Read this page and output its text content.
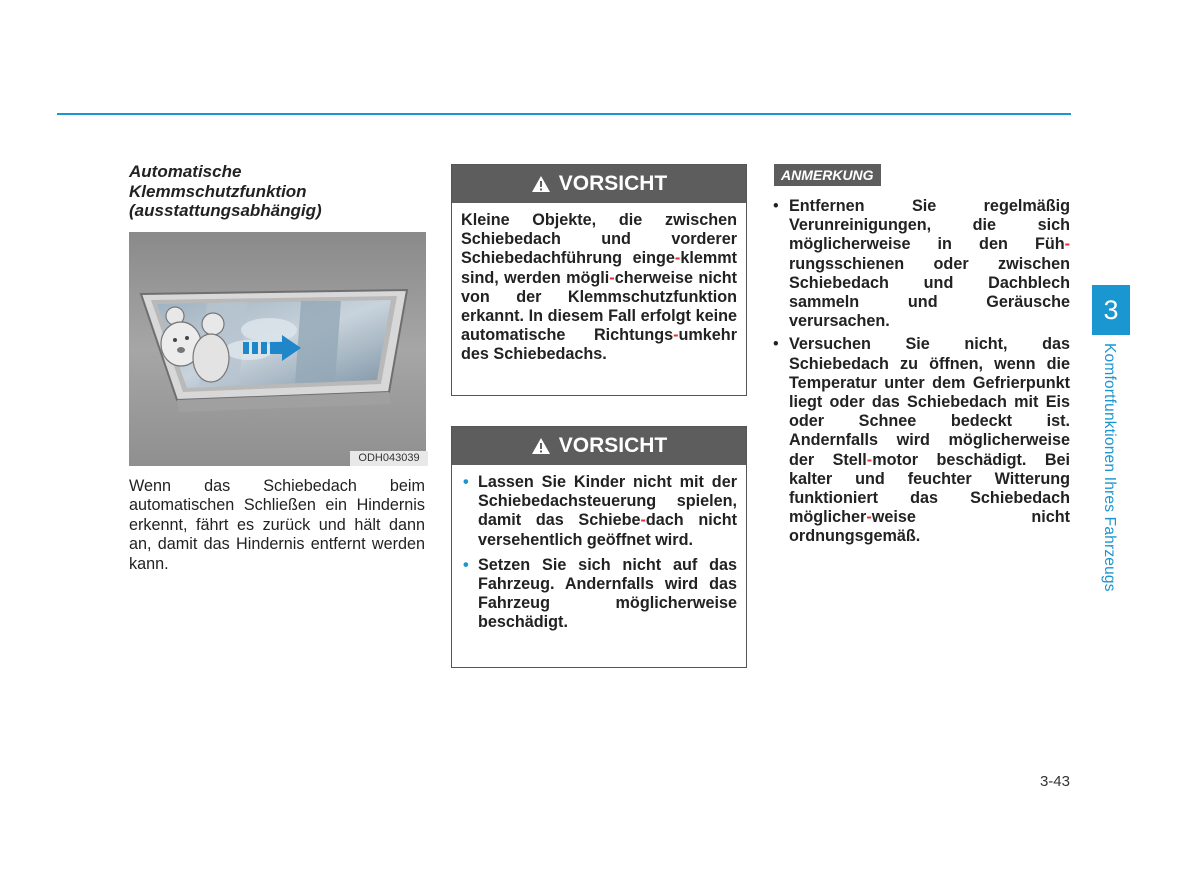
Automatische
Klemmschutzfunktion
(ausstattungsabhängig)
ODH043039
Wenn das Schiebedach beim automatischen Schließen ein Hindernis erkennt, fährt es zurück und hält dann an, damit das Hindernis entfernt werden kann.
VORSICHT
Kleine Objekte, die zwischen Schiebedach und vorderer Schiebedachführung einge-klemmt sind, werden mögli-cherweise nicht von der Klemmschutzfunktion erkannt. In diesem Fall erfolgt keine automatische Richtungs-umkehr des Schiebedachs.
VORSICHT
• Lassen Sie Kinder nicht mit der Schiebedachsteuerung spielen, damit das Schiebe-dach nicht versehentlich geöffnet wird.
• Setzen Sie sich nicht auf das Fahrzeug. Andernfalls wird das Fahrzeug möglicherweise beschädigt.
ANMERKUNG
• Entfernen Sie regelmäßig Verunreinigungen, die sich möglicherweise in den Füh-rungsschienen oder zwischen Schiebedach und Dachblech sammeln und Geräusche verursachen.
• Versuchen Sie nicht, das Schiebedach zu öffnen, wenn die Temperatur unter dem Gefrierpunkt liegt oder das Schiebedach mit Eis oder Schnee bedeckt ist. Andernfalls wird möglicherweise der Stell-motor beschädigt. Bei kalter und feuchter Witterung funktioniert das Schiebedach möglicher-weise nicht ordnungsgemäß.
3
Komfortfunktionen Ihres Fahrzeugs
3-43
